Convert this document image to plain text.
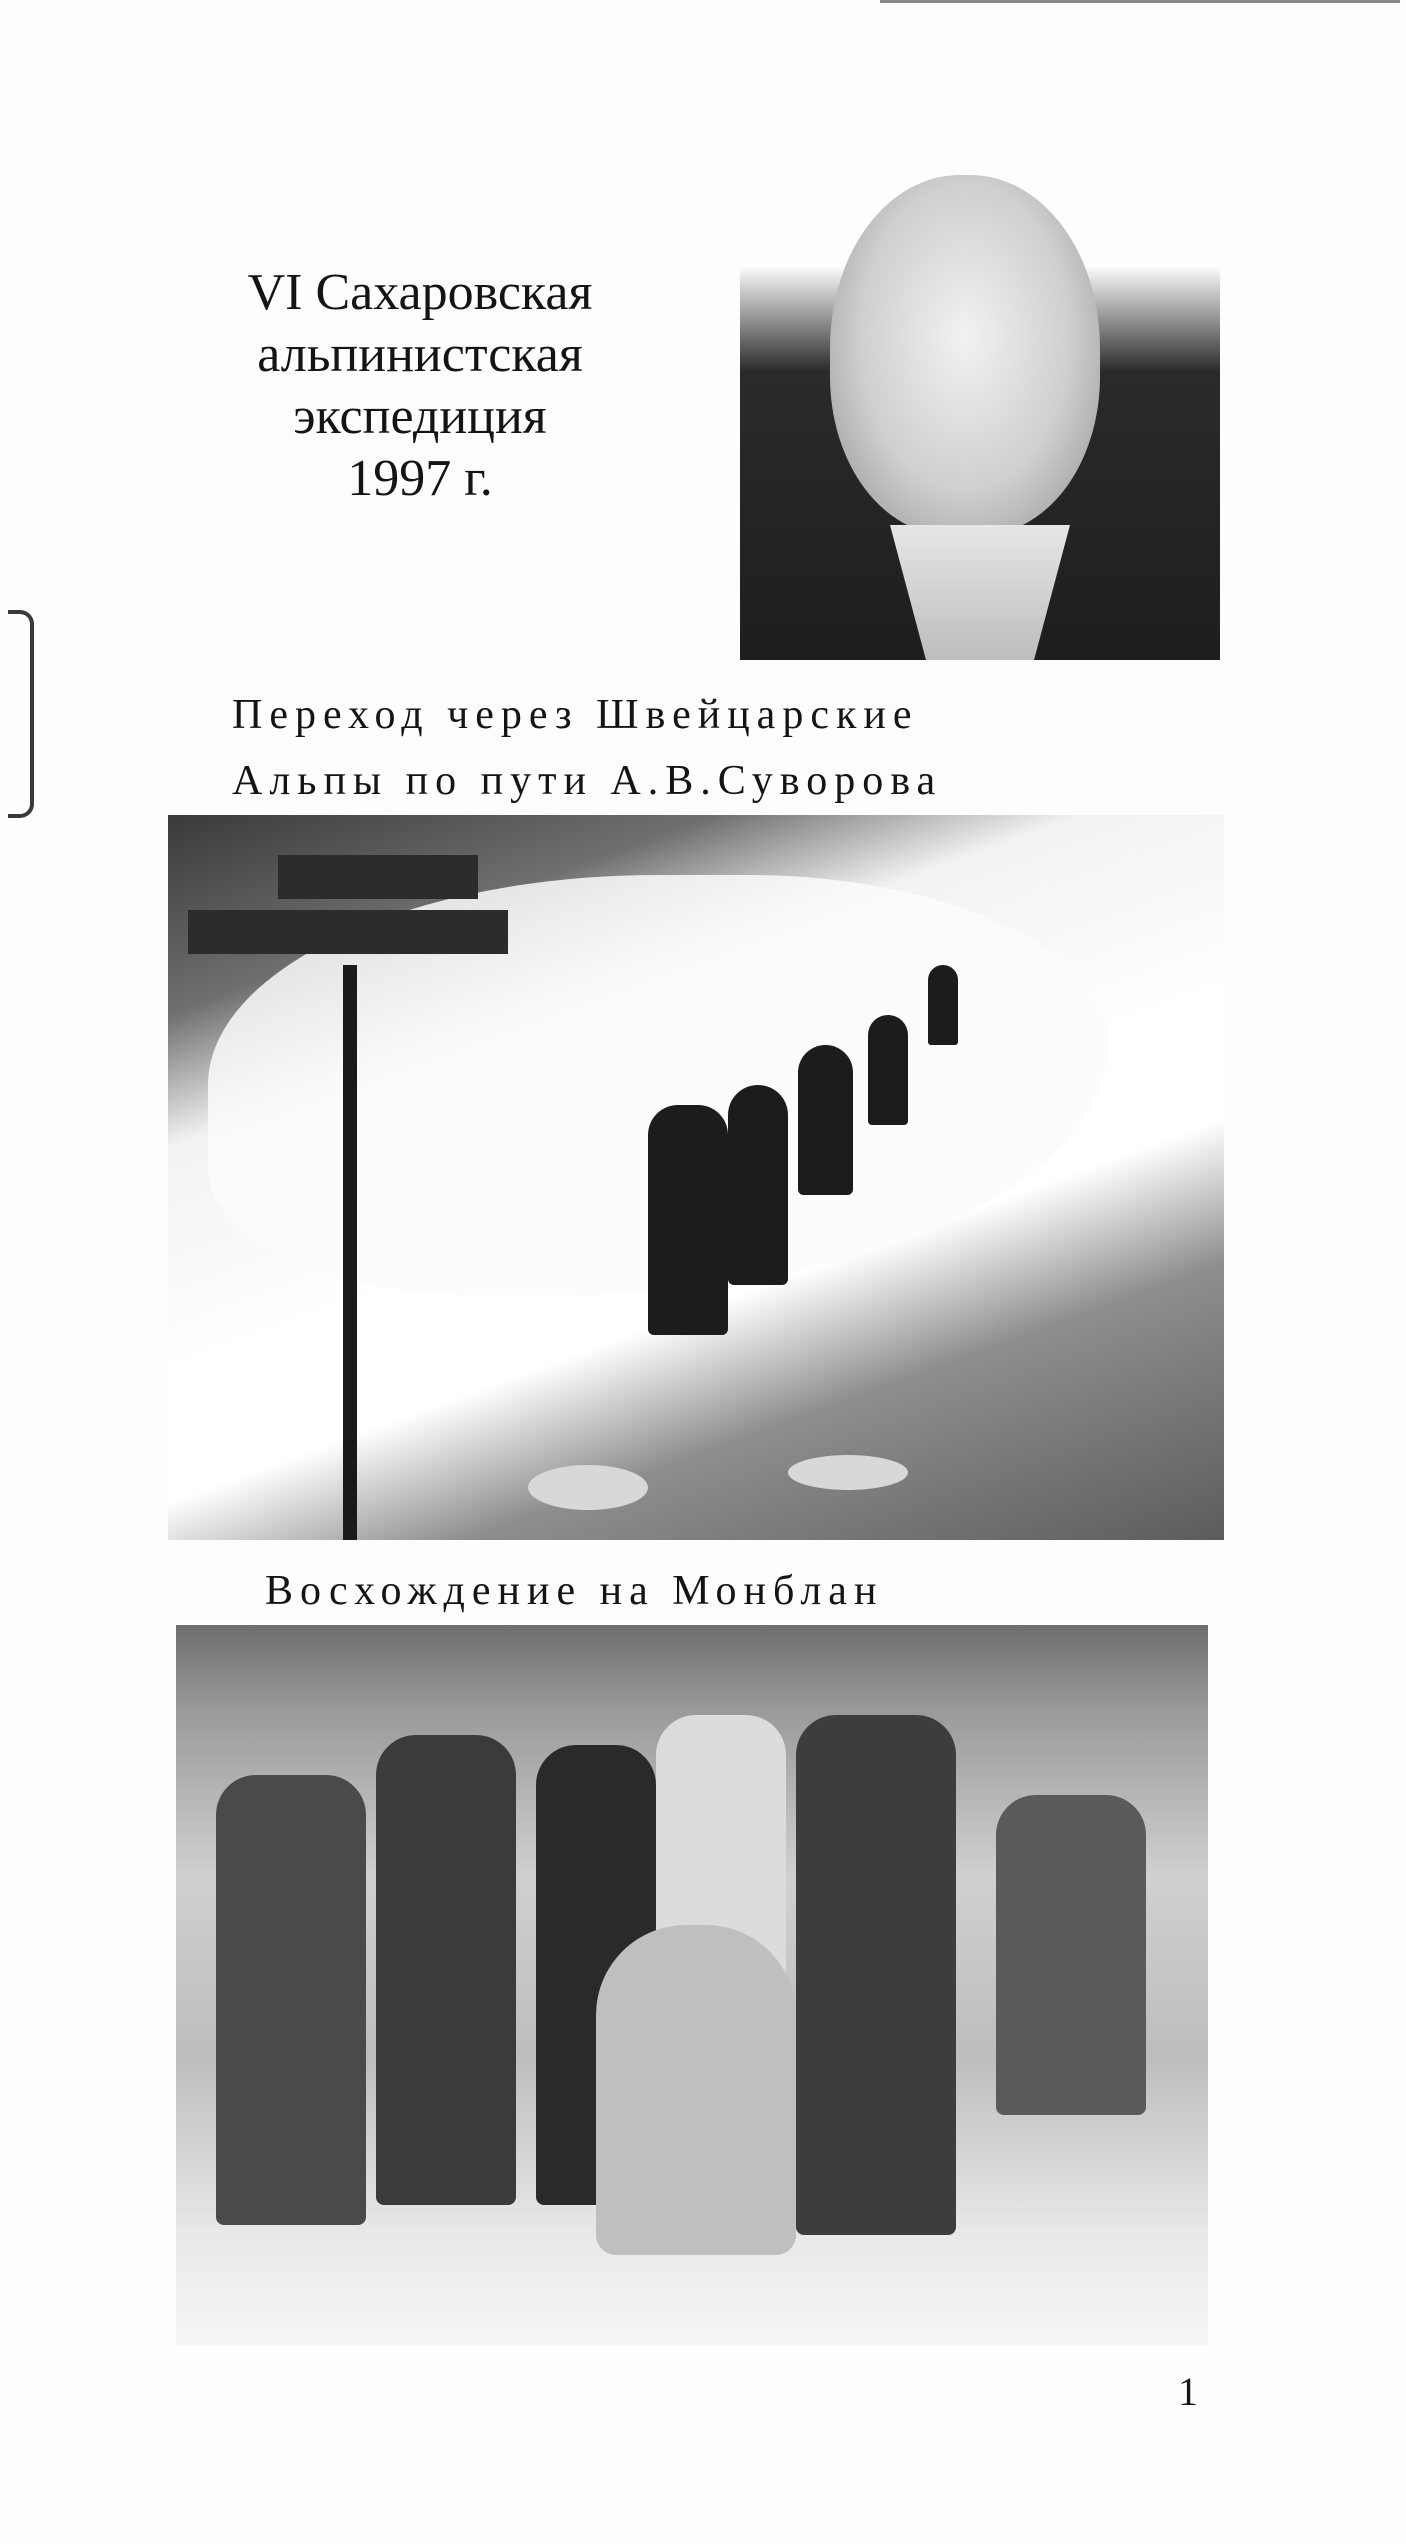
VI Сахаровская
альпинистская
экспедиция
1997 г.
Переход через Швейцарские
Альпы по пути А.В.Суворова
Восхождение на Монблан
1
